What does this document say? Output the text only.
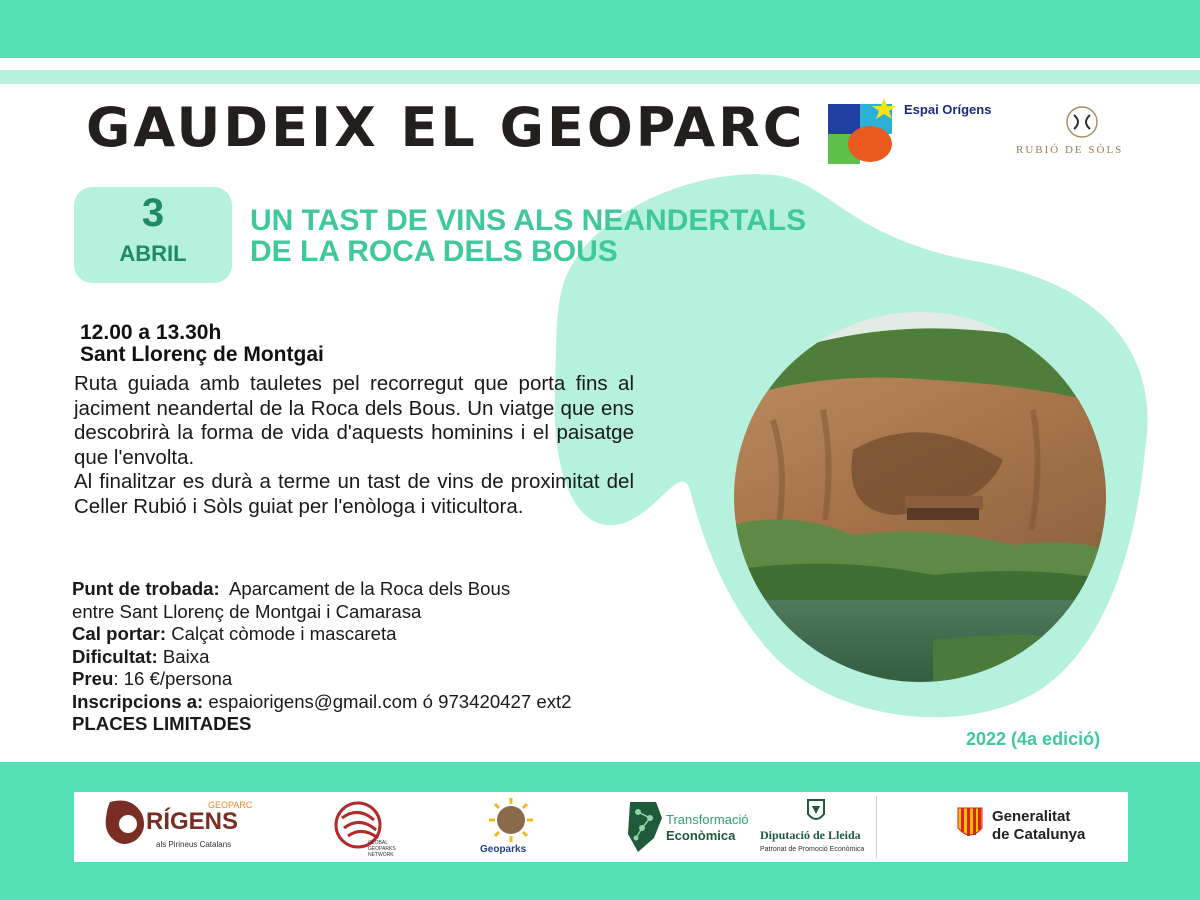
GAUDEIX EL GEOPARC	Espai Orígens
RUBIÓ DE SÒLS
3
ABRIL
UN TAST DE VINS ALS NEANDERTALS
DE LA ROCA DELS BOUS
12.00 a 13.30h
Sant Llorenç de Montgai
Ruta guiada amb tauletes pel recorregut que porta fins al jaciment neandertal de la Roca dels Bous. Un viatge que ens descobrirà la forma de vida d'aquests hominins i el paisatge que l'envolta.
Al finalitzar es durà a terme un tast de vins de proximitat del Celler Rubió i Sòls guiat per l'enòloga i viticultora.
Punt de trobada: Aparcament de la Roca dels Bous
entre Sant Llorenç de Montgai i Camarasa
Cal portar: Calçat còmode i mascareta
Dificultat: Baixa
Preu: 16 €/persona
Inscripcions a: espaiorigens@gmail.com ó 973420427 ext2
PLACES LIMITADES
2022 (4a edició)
GEOPARC
RÍGENS
als Pirineus Catalans	GLOBAL GEOPARKS NETWORK	Geoparks
Transformació
Econòmica Diputació de Lleida
Patronat de Promoció Econòmica
Generalitat
de Catalunya
